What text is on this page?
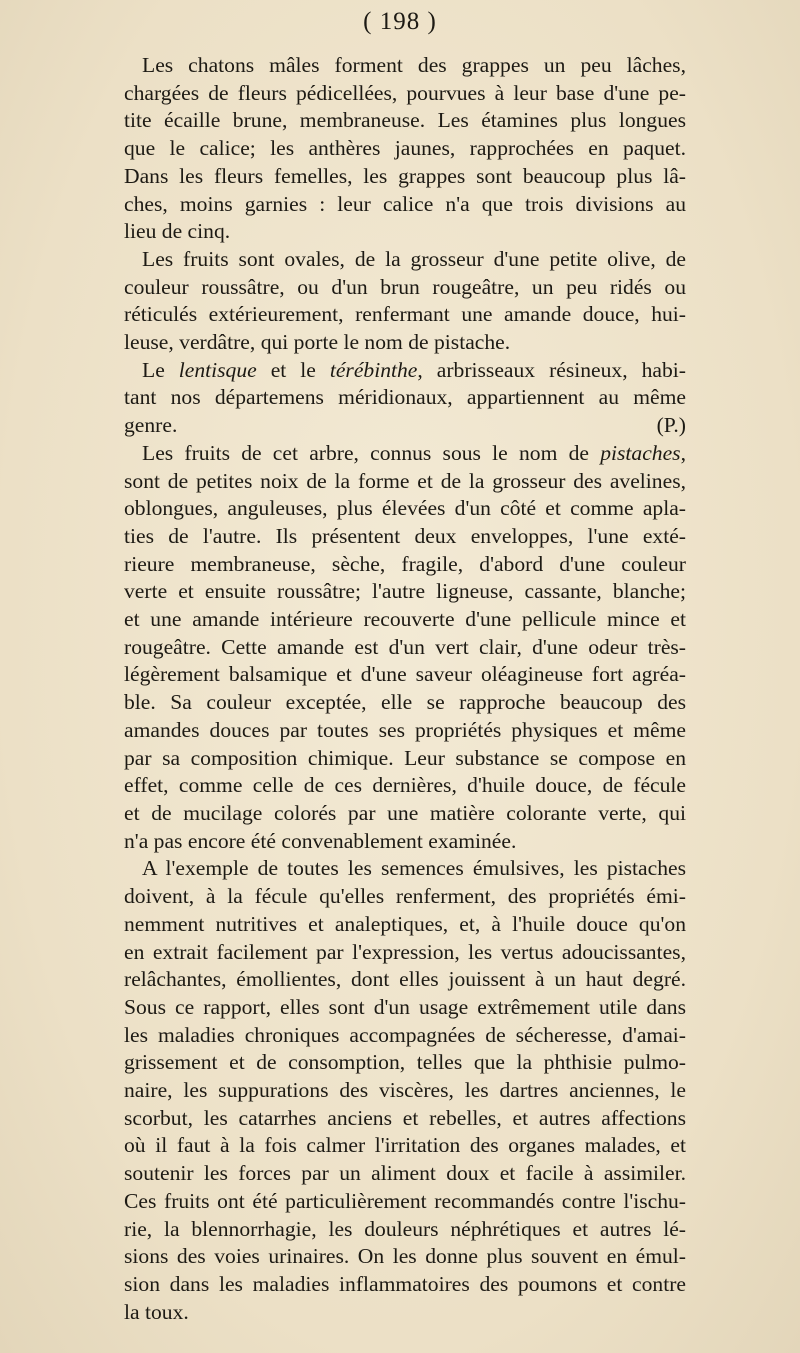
( 198 )
Les chatons mâles forment des grappes un peu lâches,
chargées de fleurs pédicellées, pourvues à leur base d'une pe-
tite écaille brune, membraneuse. Les étamines plus longues
que le calice; les anthères jaunes, rapprochées en paquet.
Dans les fleurs femelles, les grappes sont beaucoup plus lâ-
ches, moins garnies : leur calice n'a que trois divisions au
lieu de cinq.
Les fruits sont ovales, de la grosseur d'une petite olive, de
couleur roussâtre, ou d'un brun rougeâtre, un peu ridés ou
réticulés extérieurement, renfermant une amande douce, hui-
leuse, verdâtre, qui porte le nom de pistache.
Le lentisque et le térébinthe, arbrisseaux résineux, habi-
tant nos départemens méridionaux, appartiennent au même
genre.	(P.)
Les fruits de cet arbre, connus sous le nom de pistaches,
sont de petites noix de la forme et de la grosseur des avelines,
oblongues, anguleuses, plus élevées d'un côté et comme apla-
ties de l'autre. Ils présentent deux enveloppes, l'une exté-
rieure membraneuse, sèche, fragile, d'abord d'une couleur
verte et ensuite roussâtre; l'autre ligneuse, cassante, blanche;
et une amande intérieure recouverte d'une pellicule mince et
rougeâtre. Cette amande est d'un vert clair, d'une odeur très-
légèrement balsamique et d'une saveur oléagineuse fort agréa-
ble. Sa couleur exceptée, elle se rapproche beaucoup des
amandes douces par toutes ses propriétés physiques et même
par sa composition chimique. Leur substance se compose en
effet, comme celle de ces dernières, d'huile douce, de fécule
et de mucilage colorés par une matière colorante verte, qui
n'a pas encore été convenablement examinée.
A l'exemple de toutes les semences émulsives, les pistaches
doivent, à la fécule qu'elles renferment, des propriétés émi-
nemment nutritives et analeptiques, et, à l'huile douce qu'on
en extrait facilement par l'expression, les vertus adoucissantes,
relâchantes, émollientes, dont elles jouissent à un haut degré.
Sous ce rapport, elles sont d'un usage extrêmement utile dans
les maladies chroniques accompagnées de sécheresse, d'amai-
grissement et de consomption, telles que la phthisie pulmo-
naire, les suppurations des viscères, les dartres anciennes, le
scorbut, les catarrhes anciens et rebelles, et autres affections
où il faut à la fois calmer l'irritation des organes malades, et
soutenir les forces par un aliment doux et facile à assimiler.
Ces fruits ont été particulièrement recommandés contre l'ischu-
rie, la blennorrhagie, les douleurs néphrétiques et autres lé-
sions des voies urinaires. On les donne plus souvent en émul-
sion dans les maladies inflammatoires des poumons et contre
la toux.
